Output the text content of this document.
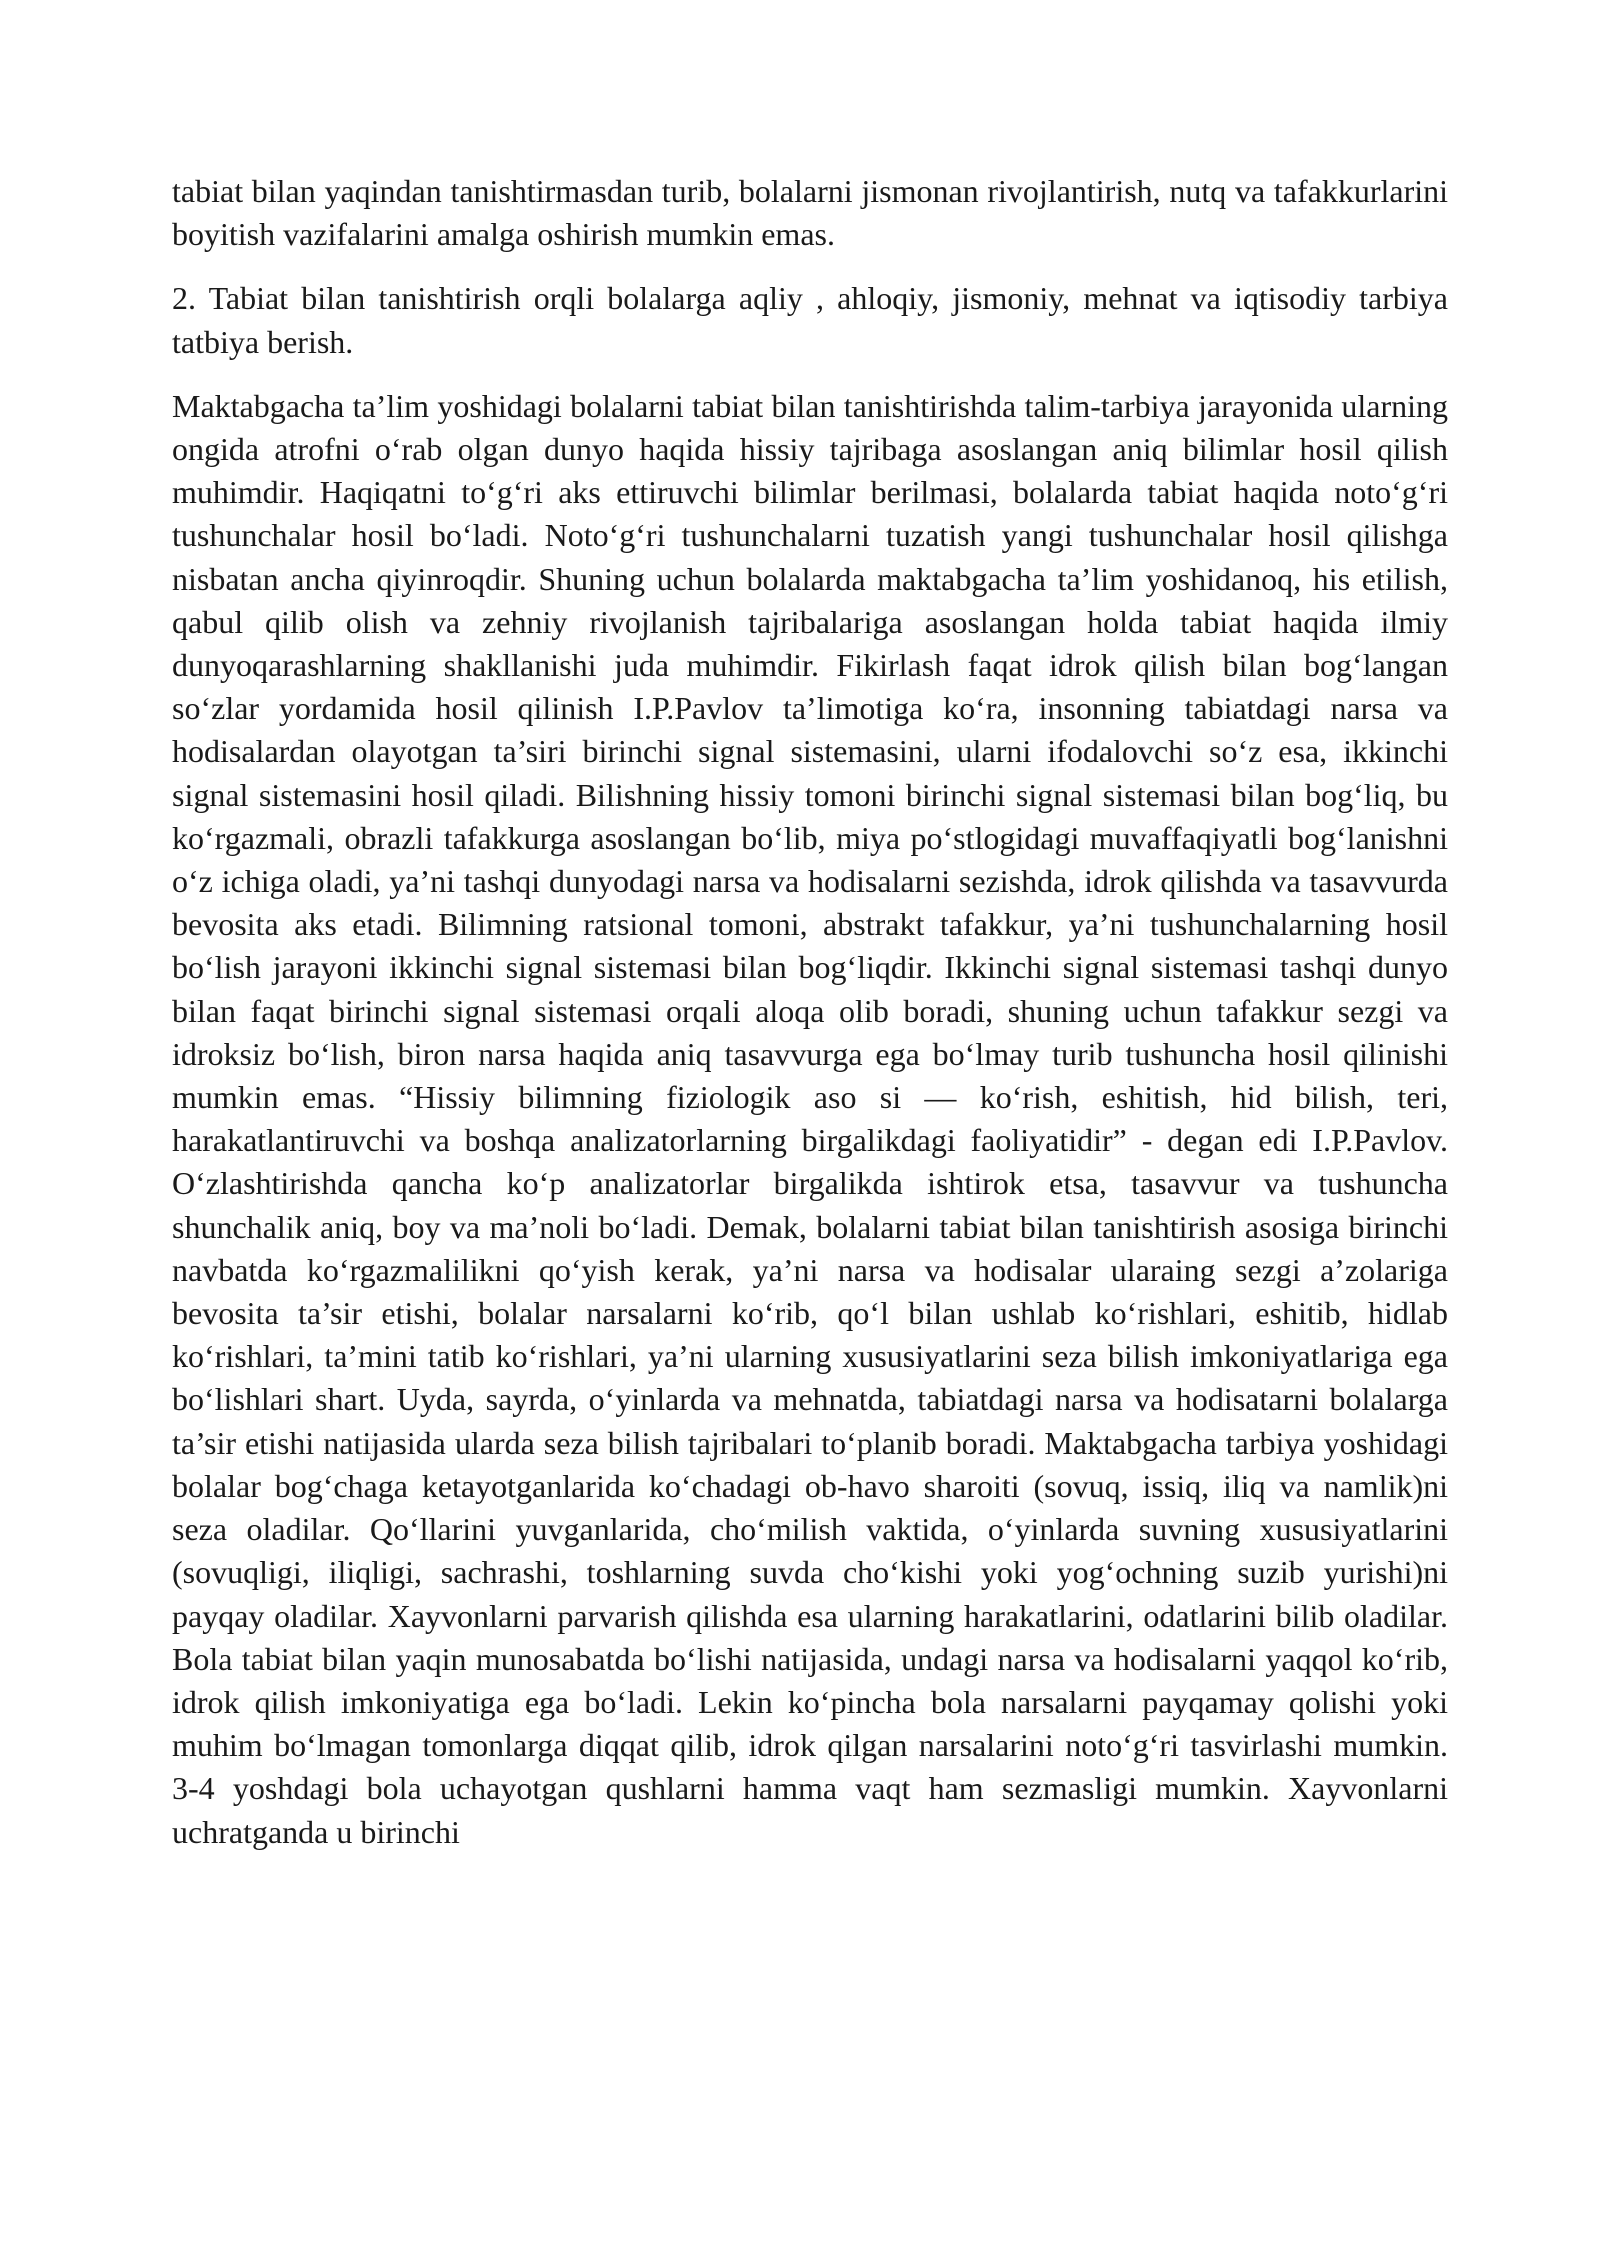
tabiat bilan yaqindan tanishtirmasdan turib, bolalarni jismonan rivojlantirish, nutq va tafakkurlarini boyitish vazifalarini amalga oshirish mumkin emas.

2. Tabiat bilan tanishtirish orqli bolalarga aqliy , ahloqiy, jismoniy, mehnat va iqtisodiy tarbiya tatbiya berish.

Maktabgacha ta’lim yoshidagi bolalarni tabiat bilan tanishtirishda talim-tarbiya jarayonida ularning ongida atrofni o‘rab olgan dunyo haqida hissiy tajribaga asoslangan aniq bilimlar hosil qilish muhimdir. Haqiqatni to‘g‘ri aks ettiruvchi bilimlar berilmasi, bolalarda tabiat haqida noto‘g‘ri tushunchalar hosil bo‘ladi. Noto‘g‘ri tushunchalarni tuzatish yangi tushunchalar hosil qilishga nisbatan ancha qiyinroqdir. Shuning uchun bolalarda maktabgacha ta’lim yoshidanoq, his etilish, qabul qilib olish va zehniy rivojlanish tajribalariga asoslangan holda tabiat haqida ilmiy dunyoqarashlarning shakllanishi juda muhimdir. Fikirlash faqat idrok qilish bilan bog‘langan so‘zlar yordamida hosil qilinish I.P.Pavlov ta’limotiga ko‘ra, insonning tabiatdagi narsa va hodisalardan olayotgan ta’siri birinchi signal sistemasini, ularni ifodalovchi so‘z esa, ikkinchi signal sistemasini hosil qiladi. Bilishning hissiy tomoni birinchi signal sistemasi bilan bog‘liq, bu ko‘rgazmali, obrazli tafakkurga asoslangan bo‘lib, miya po‘stlogidagi muvaffaqiyatli bog‘lanishni o‘z ichiga oladi, ya’ni tashqi dunyodagi narsa va hodisalarni sezishda, idrok qilishda va tasavvurda bevosita aks etadi. Bilimning ratsional tomoni, abstrakt tafakkur, ya’ni tushunchalarning hosil bo‘lish jarayoni ikkinchi signal sistemasi bilan bog‘liqdir. Ikkinchi signal sistemasi tashqi dunyo bilan faqat birinchi signal sistemasi orqali aloqa olib boradi, shuning uchun tafakkur sezgi va idroksiz bo‘lish, biron narsa haqida aniq tasavvurga ega bo‘lmay turib tushuncha hosil qilinishi mumkin emas. “Hissiy bilimning fiziologik aso si — ko‘rish, eshitish, hid bilish, teri, harakatlantiruvchi va boshqa analizatorlarning birgalikdagi faoliyatidir” - degan edi I.P.Pavlov. O‘zlashtirishda qancha ko‘p analizatorlar birgalikda ishtirok etsa, tasavvur va tushuncha shunchalik aniq, boy va ma’noli bo‘ladi. Demak, bolalarni tabiat bilan tanishtirish asosiga birinchi navbatda ko‘rgazmalilikni qo‘yish kerak, ya’ni narsa va hodisalar ularaing sezgi a’zolariga bevosita ta’sir etishi, bolalar narsalarni ko‘rib, qo‘l bilan ushlab ko‘rishlari, eshitib, hidlab ko‘rishlari, ta’mini tatib ko‘rishlari, ya’ni ularning xususiyatlarini seza bilish imkoniyatlariga ega bo‘lishlari shart. Uyda, sayrda, o‘yinlarda va mehnatda, tabiatdagi narsa va hodisatarni bolalarga ta’sir etishi natijasida ularda seza bilish tajribalari to‘planib boradi. Maktabgacha tarbiya yoshidagi bolalar bog‘chaga ketayotganlarida ko‘chadagi ob-havo sharoiti (sovuq, issiq, iliq va namlik)ni seza oladilar. Qo‘llarini yuvganlarida, cho‘milish vaktida, o‘yinlarda suvning xususiyatlarini (sovuqligi, iliqligi, sachrashi, toshlarning suvda cho‘kishi yoki yog‘ochning suzib yurishi)ni payqay oladilar. Xayvonlarni parvarish qilishda esa ularning harakatlarini, odatlarini bilib oladilar. Bola tabiat bilan yaqin munosabatda bo‘lishi natijasida, undagi narsa va hodisalarni yaqqol ko‘rib, idrok qilish imkoniyatiga ega bo‘ladi. Lekin ko‘pincha bola narsalarni payqamay qolishi yoki muhim bo‘lmagan tomonlarga diqqat qilib, idrok qilgan narsalarini noto‘g‘ri tasvirlashi mumkin. 3-4 yoshdagi bola uchayotgan qushlarni hamma vaqt ham sezmasligi mumkin. Xayvonlarni uchratganda u birinchi
